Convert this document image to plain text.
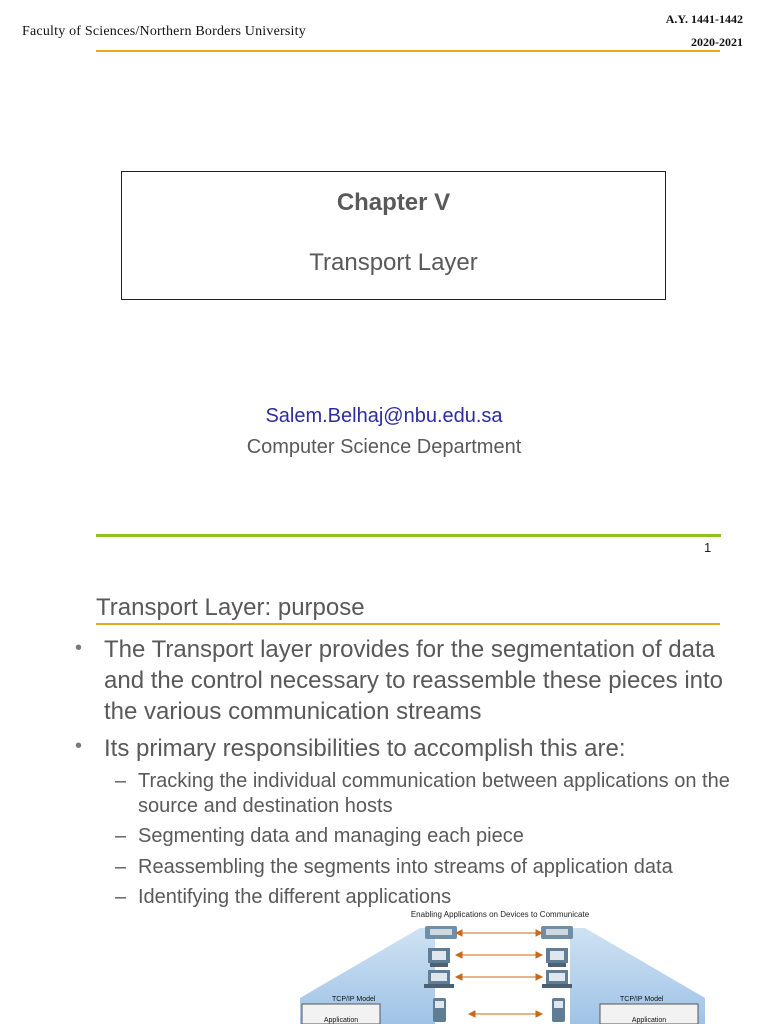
Faculty of Sciences/Northern Borders University
A.Y. 1441-1442
2020-2021
Chapter V
Transport Layer
Salem.Belhaj@nbu.edu.sa
Computer Science Department
1
Transport Layer: purpose
• The Transport layer provides for the segmentation of data and the control necessary to reassemble these pieces into the various communication streams
• Its primary responsibilities to accomplish this are:
– Tracking the individual communication between applications on the source and destination hosts
– Segmenting data and managing each piece
– Reassembling the segments into streams of application data
– Identifying the different applications
Enabling Applications on Devices to Communicate
TCP/IP Model
Application
TCP/IP Model
Application
